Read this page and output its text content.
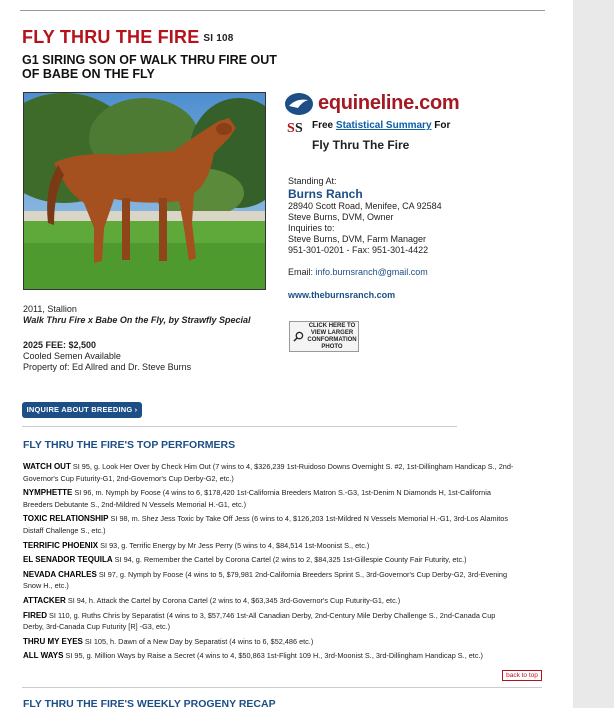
FLY THRU THE FIRE SI 108
G1 SIRING SON OF WALK THRU FIRE OUT OF BABE ON THE FLY
equineline.com
S S Free Statistical Summary For
Fly Thru The Fire
Standing At:
Burns Ranch
28940 Scott Road, Menifee, CA 92584
Steve Burns, DVM, Owner
Inquiries to:
Steve Burns, DVM, Farm Manager
951-301-0201 - Fax: 951-301-4422
Email: info.burnsranch@gmail.com
www.theburnsranch.com
CLICK HERE TO VIEW LARGER CONFORMATION PHOTO
2011, Stallion
Walk Thru Fire x Babe On the Fly, by Strawfly Special
2025 FEE: $2,500
Cooled Semen Available
Property of: Ed Allred and Dr. Steve Burns
INQUIRE ABOUT BREEDING ›
FLY THRU THE FIRE'S TOP PERFORMERS
WATCH OUT SI 95, g. Look Her Over by Check Him Out (7 wins to 4, $326,239 1st-Ruidoso Downs Overnight S. #2, 1st-Dillingham Handicap S., 2nd-Governor's Cup Futurity-G1, 2nd-Governor's Cup Derby-G2, etc.)
NYMPHETTE SI 96, m. Nymph by Foose (4 wins to 6, $178,420 1st-California Breeders Matron S.-G3, 1st-Denim N Diamonds H, 1st-California Breeders Debutante S., 2nd-Mildred N Vessels Memorial H.-G1, etc.)
TOXIC RELATIONSHIP SI 98, m. Shez Jess Toxic by Take Off Jess (6 wins to 4, $126,203 1st-Mildred N Vessels Memorial H.-G1, 3rd-Los Alamitos Distaff Challenge S., etc.)
TERRIFIC PHOENIX SI 93, g. Terrific Energy by Mr Jess Perry (5 wins to 4, $84,514 1st-Moonist S., etc.)
EL SENADOR TEQUILA SI 94, g. Remember the Cartel by Corona Cartel (2 wins to 2, $84,325 1st-Gillespie County Fair Futurity, etc.)
NEVADA CHARLES SI 97, g. Nymph by Foose (4 wins to 5, $79,981 2nd-California Breeders Sprint S., 3rd-Governor's Cup Derby-G2, 3rd-Evening Snow H., etc.)
ATTACKER SI 94, h. Attack the Cartel by Corona Cartel (2 wins to 4, $63,345 3rd-Governor's Cup Futurity-G1, etc.)
FIRED SI 110, g. Ruths Chris by Separatist (4 wins to 3, $57,746 1st-All Canadian Derby, 2nd-Century Mile Derby Challenge S., 2nd-Canada Cup Derby, 3rd-Canada Cup Futurity [R] -G3, etc.)
THRU MY EYES SI 105, h. Dawn of a New Day by Separatist (4 wins to 6, $52,486 etc.)
ALL WAYS SI 95, g. Million Ways by Raise a Secret (4 wins to 4, $50,863 1st-Flight 109 H., 3rd-Moonist S., 3rd-Dillingham Handicap S., etc.)
back to top
FLY THRU THE FIRE'S WEEKLY PROGENY RECAP
